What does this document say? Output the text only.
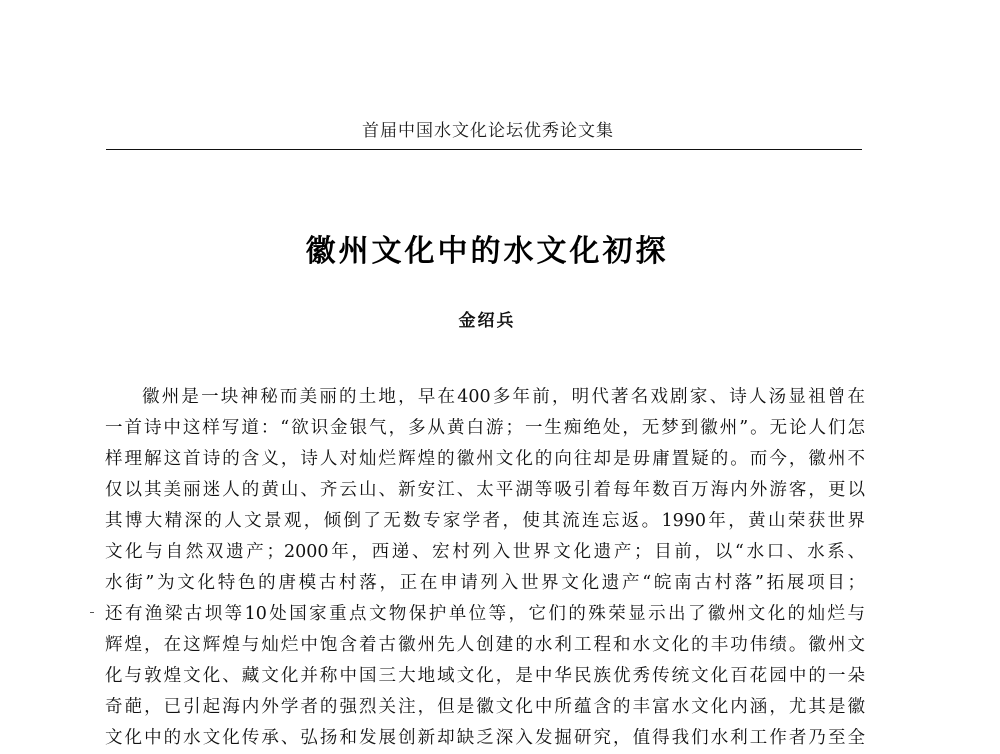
首届中国水文化论坛优秀论文集
徽州文化中的水文化初探
金绍兵
徽州是一块神秘而美丽的土地，早在400多年前，明代著名戏剧家、诗人汤显祖曾在
一首诗中这样写道：“欲识金银气，多从黄白游；一生痴绝处，无梦到徽州”。无论人们怎
样理解这首诗的含义，诗人对灿烂辉煌的徽州文化的向往却是毋庸置疑的。而今，徽州不
仅以其美丽迷人的黄山、齐云山、新安江、太平湖等吸引着每年数百万海内外游客，更以
其博大精深的人文景观，倾倒了无数专家学者，使其流连忘返。1990年，黄山荣获世界
文化与自然双遗产；2000年，西递、宏村列入世界文化遗产；目前，以“水口、水系、
水街”为文化特色的唐模古村落，正在申请列入世界文化遗产“皖南古村落”拓展项目；
还有渔梁古坝等10处国家重点文物保护单位等，它们的殊荣显示出了徽州文化的灿烂与
辉煌，在这辉煌与灿烂中饱含着古徽州先人创建的水利工程和水文化的丰功伟绩。徽州文
化与敦煌文化、藏文化并称中国三大地域文化，是中华民族优秀传统文化百花园中的一朵
奇葩，已引起海内外学者的强烈关注，但是徽文化中所蕴含的丰富水文化内涵，尤其是徽
文化中的水文化传承、弘扬和发展创新却缺乏深入发掘研究，值得我们水利工作者乃至全
